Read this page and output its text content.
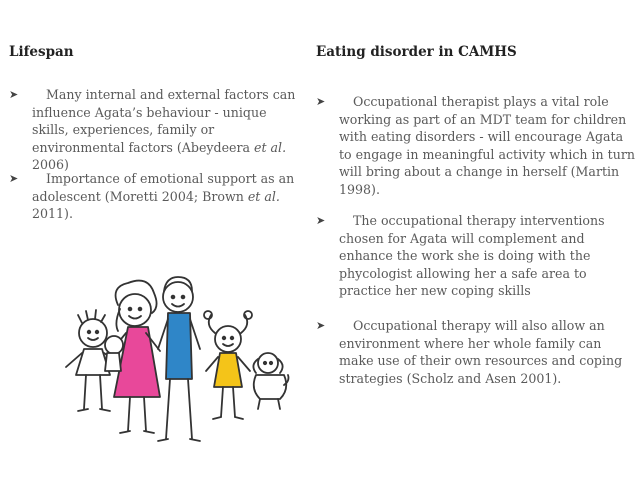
Lifespan
➤	Many internal and external factors can influence Agata’s behaviour - unique skills, experiences, family or environmental factors (Abeydeera et al. 2006)
➤	Importance of emotional support as an adolescent (Moretti 2004; Brown et al. 2011).
Eating disorder in CAMHS
➤	Occupational therapist plays a vital role working as part of an MDT team for children with eating disorders - will encourage Agata to engage in meaningful activity which in turn will bring about a change in herself (Martin 1998).
➤	The occupational therapy interventions chosen for Agata will complement and enhance the work she is doing with the phycologist allowing her a safe area to practice her new coping skills
➤	Occupational therapy will also allow an environment where her whole family can make use of their own resources and coping strategies (Scholz and Asen 2001).
